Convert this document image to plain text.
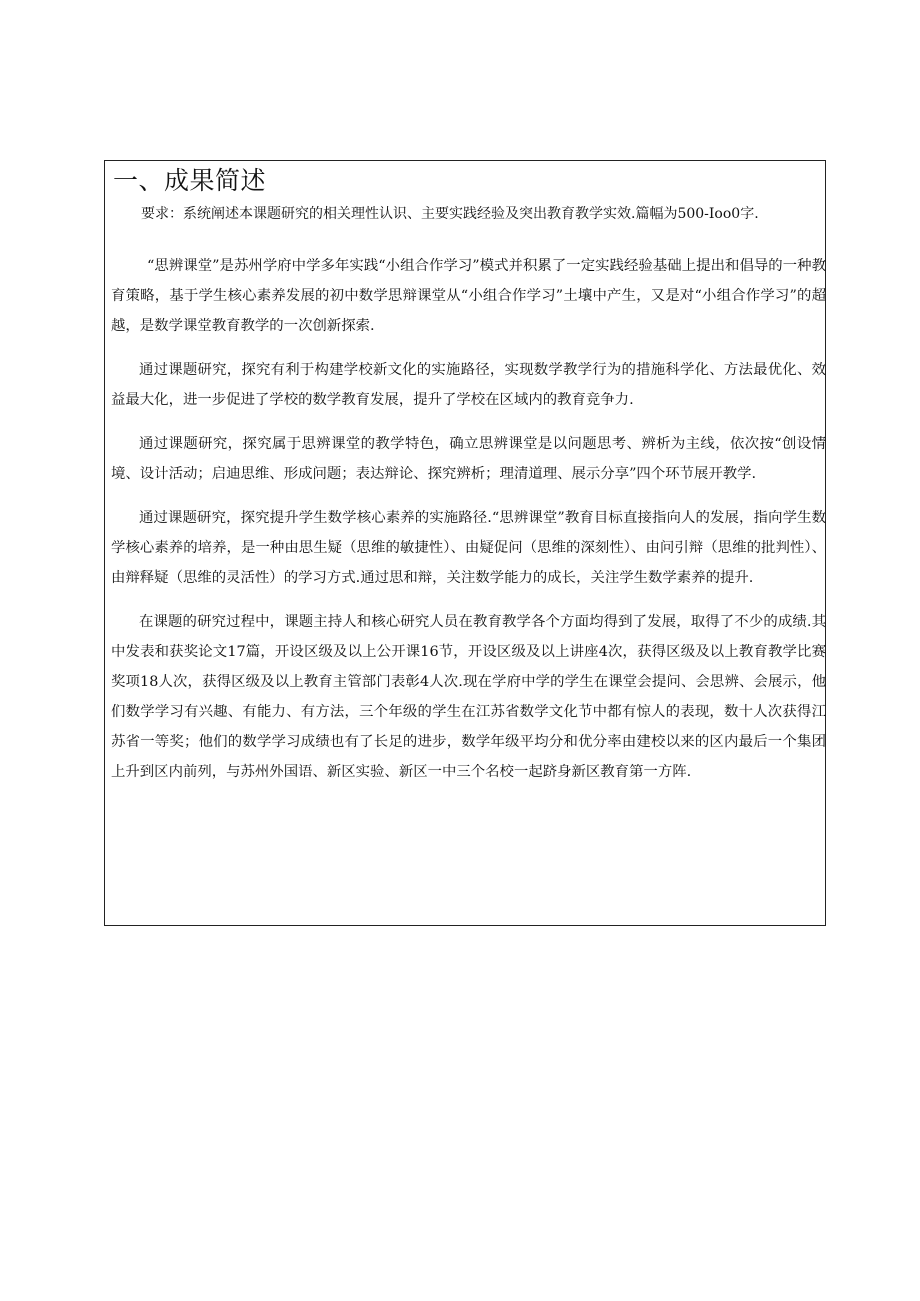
一、成果简述
要求：系统阐述本课题研究的相关理性认识、主要实践经验及突出教育教学实效.篇幅为500-Ioo0字.

“思辨课堂”是苏州学府中学多年实践“小组合作学习”模式并积累了一定实践经验基础上提出和倡导的一种教育策略，基于学生核心素养发展的初中数学思辩课堂从“小组合作学习”土壤中产生，又是对“小组合作学习”的超越，是数学课堂教育教学的一次创新探索.

通过课题研究，探究有利于构建学校新文化的实施路径，实现数学教学行为的措施科学化、方法最优化、效益最大化，进一步促进了学校的数学教育发展，提升了学校在区域内的教育竞争力.

通过课题研究，探究属于思辨课堂的教学特色，确立思辨课堂是以问题思考、辨析为主线，依次按“创设情境、设计活动；启迪思维、形成问题；表达辩论、探究辨析；理清道理、展示分享”四个环节展开教学.

通过课题研究，探究提升学生数学核心素养的实施路径.“思辨课堂”教育目标直接指向人的发展，指向学生数学核心素养的培养，是一种由思生疑（思维的敏捷性）、由疑促问（思维的深刻性）、由问引辩（思维的批判性）、由辩释疑（思维的灵活性）的学习方式.通过思和辩，关注数学能力的成长，关注学生数学素养的提升.

在课题的研究过程中，课题主持人和核心研究人员在教育教学各个方面均得到了发展，取得了不少的成绩.其中发表和获奖论文17篇，开设区级及以上公开课16节，开设区级及以上讲座4次，获得区级及以上教育教学比赛奖项18人次，获得区级及以上教育主管部门表彰4人次.现在学府中学的学生在课堂会提问、会思辨、会展示，他们数学学习有兴趣、有能力、有方法，三个年级的学生在江苏省数学文化节中都有惊人的表现，数十人次获得江苏省一等奖；他们的数学学习成绩也有了长足的进步，数学年级平均分和优分率由建校以来的区内最后一个集团上升到区内前列，与苏州外国语、新区实验、新区一中三个名校一起跻身新区教育第一方阵.
